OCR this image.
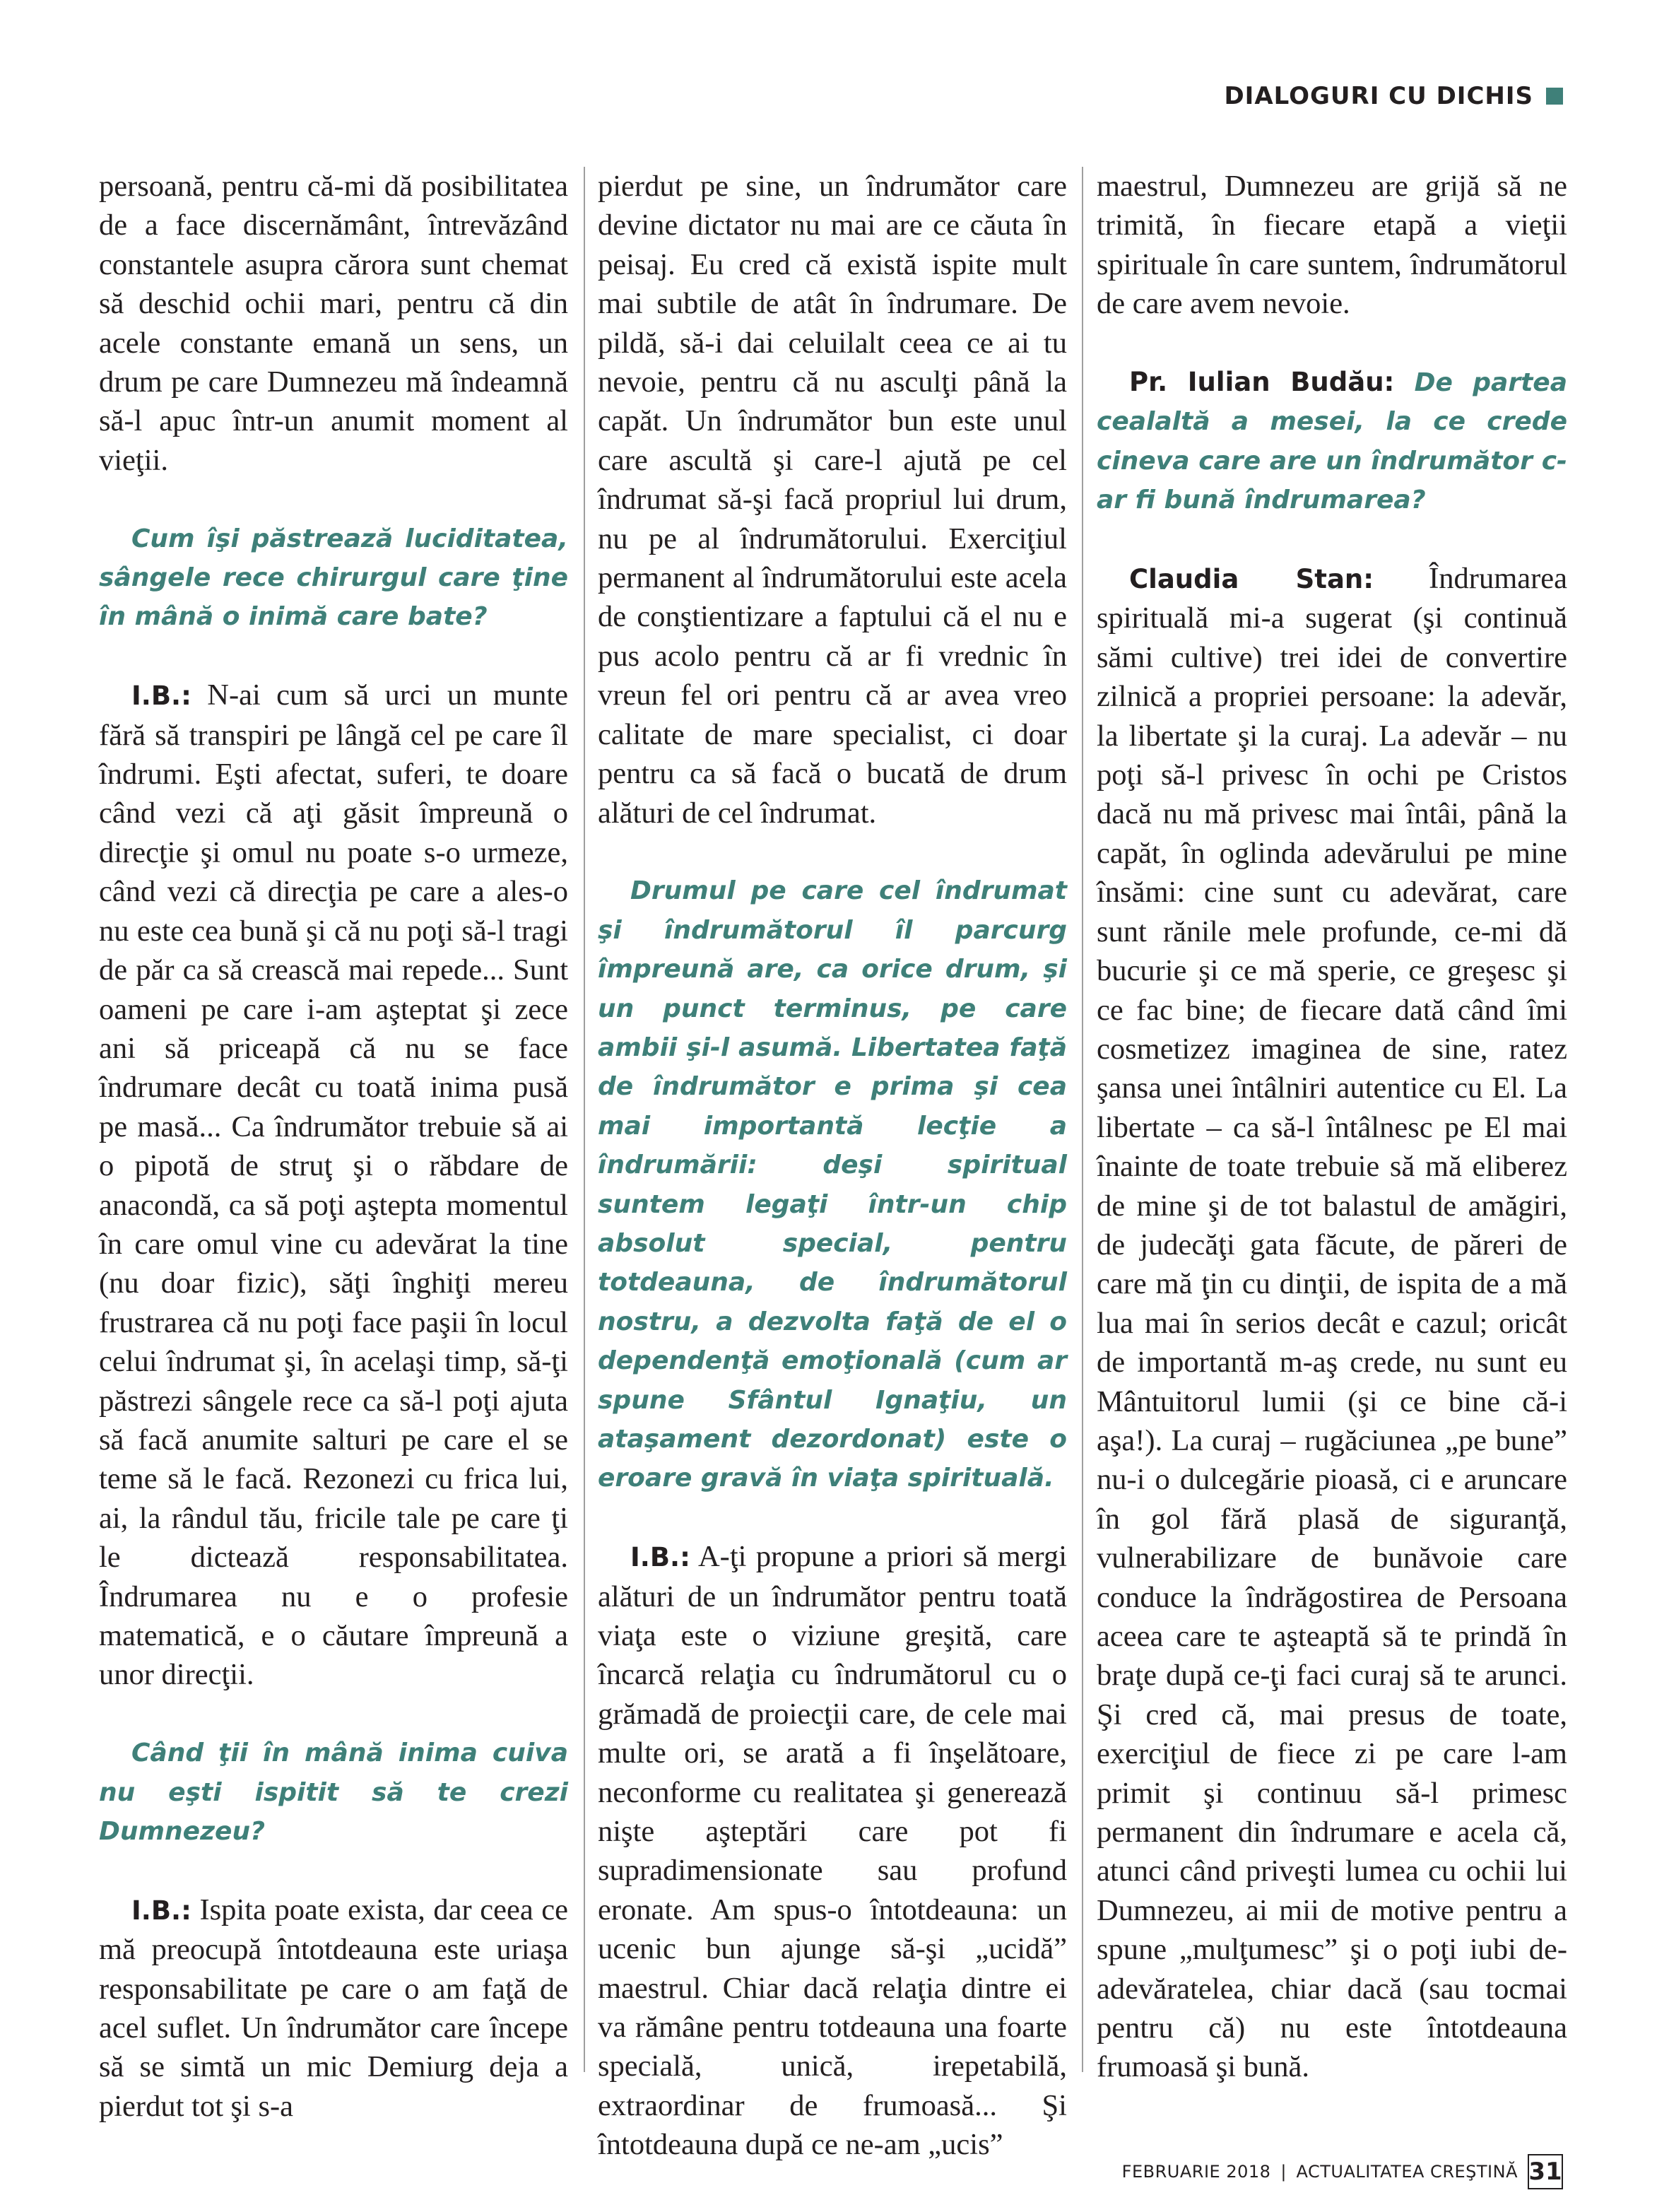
DIALOGURI CU DICHIS

persoană, pentru că-mi dă posibilitatea de a face discernământ, întrevăzând constantele asupra cărora sunt chemat să deschid ochii mari, pentru că din acele constante emană un sens, un drum pe care Dumnezeu mă îndeamnă să-l apuc într-un anumit moment al vieţii.

Cum îşi păstrează luciditatea, sângele rece chirurgul care ţine în mână o inimă care bate?

I.B.: N-ai cum să urci un munte fără să transpiri pe lângă cel pe care îl îndrumi. Eşti afectat, suferi, te doare când vezi că aţi găsit împreună o direcţie şi omul nu poate s-o urmeze, când vezi că direcţia pe care a ales-o nu este cea bună şi că nu poţi să-l tragi de păr ca să crească mai repede... Sunt oameni pe care i-am aşteptat şi zece ani să priceapă că nu se face îndrumare decât cu toată inima pusă pe masă... Ca îndrumător trebuie să ai o pipotă de struţ şi o răbdare de anacondă, ca să poţi aştepta momentul în care omul vine cu adevărat la tine (nu doar fizic), săţi înghiţi mereu frustrarea că nu poţi face paşii în locul celui îndrumat şi, în acelaşi timp, să-ţi păstrezi sângele rece ca să-l poţi ajuta să facă anumite salturi pe care el se teme să le facă. Rezonezi cu frica lui, ai, la rândul tău, fricile tale pe care ţi le dictează responsabilitatea. Îndrumarea nu e o profesie matematică, e o căutare împreună a unor direcţii.

Când ţii în mână inima cuiva nu eşti ispitit să te crezi Dumnezeu?

I.B.: Ispita poate exista, dar ceea ce mă preocupă întotdeauna este uriaşa responsabilitate pe care o am faţă de acel suflet. Un îndrumător care începe să se simtă un mic Demiurg deja a pierdut tot şi s-a

pierdut pe sine, un îndrumător care devine dictator nu mai are ce căuta în peisaj. Eu cred că există ispite mult mai subtile de atât în îndrumare. De pildă, să-i dai celuilalt ceea ce ai tu nevoie, pentru că nu asculţi până la capăt. Un îndrumător bun este unul care ascultă şi care-l ajută pe cel îndrumat să-şi facă propriul lui drum, nu pe al îndrumătorului. Exerciţiul permanent al îndrumătorului este acela de conştientizare a faptului că el nu e pus acolo pentru că ar fi vrednic în vreun fel ori pentru că ar avea vreo calitate de mare specialist, ci doar pentru ca să facă o bucată de drum alături de cel îndrumat.

Drumul pe care cel îndrumat şi îndrumătorul îl parcurg împreună are, ca orice drum, şi un punct terminus, pe care ambii şi-l asumă. Libertatea faţă de îndrumător e prima şi cea mai importantă lecţie a îndrumării: deşi spiritual suntem legaţi într-un chip absolut special, pentru totdeauna, de îndrumătorul nostru, a dezvolta faţă de el o dependenţă emoţională (cum ar spune Sfântul Ignaţiu, un ataşament dezordonat) este o eroare gravă în viaţa spirituală.

I.B.: A-ţi propune a priori să mergi alături de un îndrumător pentru toată viaţa este o viziune greşită, care încarcă relaţia cu îndrumătorul cu o grămadă de proiecţii care, de cele mai multe ori, se arată a fi înşelătoare, neconforme cu realitatea şi generează nişte aşteptări care pot fi supradimensionate sau profund eronate. Am spus-o întotdeauna: un ucenic bun ajunge să-şi „ucidă” maestrul. Chiar dacă relaţia dintre ei va rămâne pentru totdeauna una foarte specială, unică, irepetabilă, extraordinar de frumoasă... Şi întotdeauna după ce ne-am „ucis”

maestrul, Dumnezeu are grijă să ne trimită, în fiecare etapă a vieţii spirituale în care suntem, îndrumătorul de care avem nevoie.

Pr. Iulian Budău: De partea cealaltă a mesei, la ce crede cineva care are un îndrumător c-ar fi bună îndrumarea?

Claudia Stan: Îndrumarea spirituală mi-a sugerat (şi continuă sămi cultive) trei idei de convertire zilnică a propriei persoane: la adevăr, la libertate şi la curaj. La adevăr – nu poţi să-l privesc în ochi pe Cristos dacă nu mă privesc mai întâi, până la capăt, în oglinda adevărului pe mine însămi: cine sunt cu adevărat, care sunt rănile mele profunde, ce-mi dă bucurie şi ce mă sperie, ce greşesc şi ce fac bine; de fiecare dată când îmi cosmetizez imaginea de sine, ratez şansa unei întâlniri autentice cu El. La libertate – ca să-l întâlnesc pe El mai înainte de toate trebuie să mă eliberez de mine şi de tot balastul de amăgiri, de judecăţi gata făcute, de păreri de care mă ţin cu dinţii, de ispita de a mă lua mai în serios decât e cazul; oricât de importantă m-aş crede, nu sunt eu Mântuitorul lumii (şi ce bine că-i aşa!). La curaj – rugăciunea „pe bune” nu-i o dulcegărie pioasă, ci e aruncare în gol fără plasă de siguranţă, vulnerabilizare de bunăvoie care conduce la îndrăgostirea de Persoana aceea care te aşteaptă să te prindă în braţe după ce-ţi faci curaj să te arunci. Şi cred că, mai presus de toate, exerciţiul de fiece zi pe care l-am primit şi continuu să-l primesc permanent din îndrumare e acela că, atunci când priveşti lumea cu ochii lui Dumnezeu, ai mii de motive pentru a spune „mulţumesc” şi o poţi iubi de-adevăratelea, chiar dacă (sau tocmai pentru că) nu este întotdeauna frumoasă şi bună.

FEBRUARIE 2018 | ACTUALITATEA CREŞTINĂ 31
